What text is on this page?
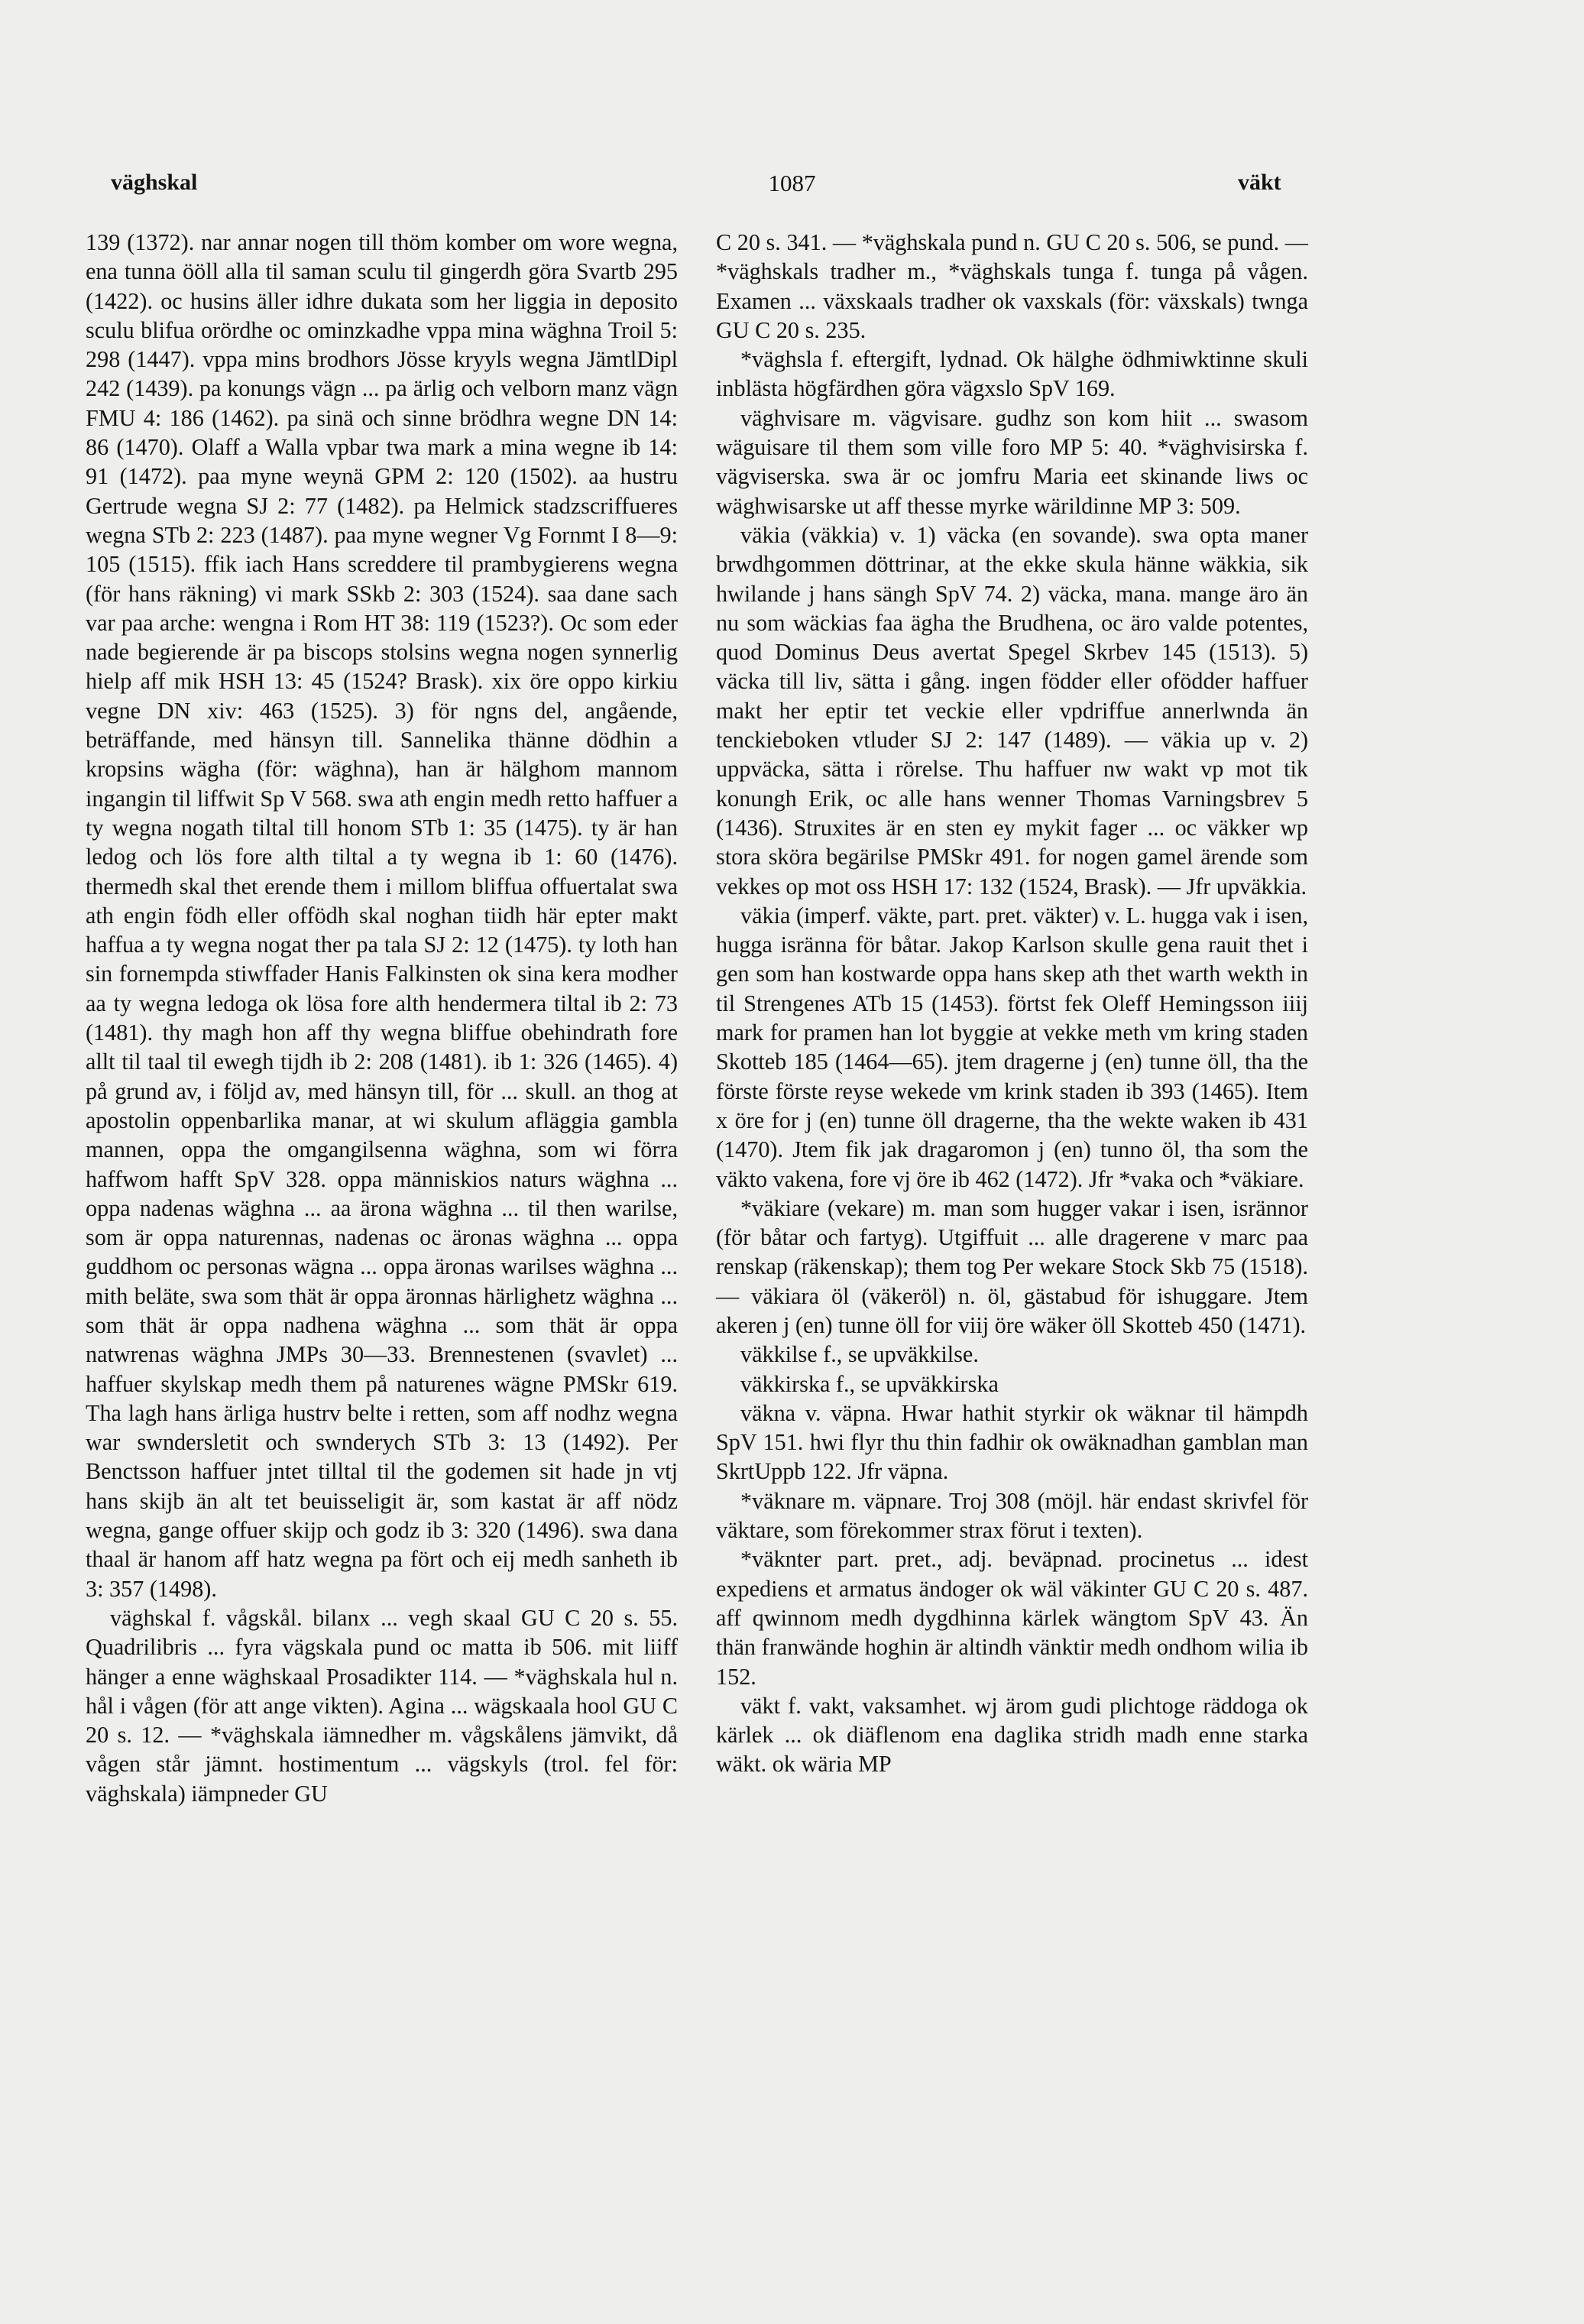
väghskal	1087	väkt

139 (1372). nar annar nogen till thöm komber om wore wegna, ena tunna ööll alla til saman sculu til gingerdh göra Svartb 295 (1422). oc husins äller idhre dukata som her liggia in deposito sculu blifua orördhe oc ominzkadhe vppa mina wäghna Troil 5: 298 (1447). vppa mins brodhors Jösse kryyls wegna JämtlDipl 242 (1439). pa konungs vägn ... pa ärlig och velborn manz vägn FMU 4: 186 (1462). pa sinä och sinne brödhra wegne DN 14: 86 (1470). Olaff a Walla vpbar twa mark a mina wegne ib 14: 91 (1472). paa myne weynä GPM 2: 120 (1502). aa hustru Gertrude wegna SJ 2: 77 (1482). pa Helmick stadzscriffueres wegna STb 2: 223 (1487). paa myne wegner Vg Fornmt I 8—9: 105 (1515). ffik iach Hans screddere til prambygierens wegna (för hans räkning) vi mark SSkb 2: 303 (1524). saa dane sach var paa arche: wengna i Rom HT 38: 119 (1523?). Oc som eder nade begierende är pa biscops stolsins wegna nogen synnerlig hielp aff mik HSH 13: 45 (1524? Brask). xix öre oppo kirkiu vegne DN xiv: 463 (1525). 3) för ngns del, angående, beträffande, med hänsyn till. Sannelika thänne dödhin a kropsins wägha (för: wäghna), han är hälghom mannom ingangin til liffwit Sp V 568. swa ath engin medh retto haffuer a ty wegna nogath tiltal till honom STb 1: 35 (1475). ty är han ledog och lös fore alth tiltal a ty wegna ib 1: 60 (1476). thermedh skal thet erende them i millom bliffua offuertalat swa ath engin födh eller offödh skal noghan tiidh här epter makt haffua a ty wegna nogat ther pa tala SJ 2: 12 (1475). ty loth han sin fornempda stiwffader Hanis Falkinsten ok sina kera modher aa ty wegna ledoga ok lösa fore alth hendermera tiltal ib 2: 73 (1481). thy magh hon aff thy wegna bliffue obehindrath fore allt til taal til ewegh tijdh ib 2: 208 (1481). ib 1: 326 (1465). 4) på grund av, i följd av, med hänsyn till, för ... skull. an thog at apostolin oppenbarlika manar, at wi skulum afläggia gambla mannen, oppa the omgangilsenna wäghna, som wi förra haffwom hafft SpV 328. oppa människios naturs wäghna ... oppa nadenas wäghna ... aa ärona wäghna ... til then warilse, som är oppa naturennas, nadenas oc äronas wäghna ... oppa guddhom oc personas wägna ... oppa äronas warilses wäghna ... mith beläte, swa som thät är oppa äronnas härlighetz wäghna ... som thät är oppa nadhena wäghna ... som thät är oppa natwrenas wäghna JMPs 30—33. Brennestenen (svavlet) ... haffuer skylskap medh them på naturenes wägne PMSkr 619. Tha lagh hans ärliga hustrv belte i retten, som aff nodhz wegna war swndersletit och swnderych STb 3: 13 (1492). Per Benctsson haffuer jntet tilltal til the godemen sit hade jn vtj hans skijb än alt tet beuisseligit är, som kastat är aff nödz wegna, gange offuer skijp och godz ib 3: 320 (1496). swa dana thaal är hanom aff hatz wegna pa fört och eij medh sanheth ib 3: 357 (1498).

väghskal f. vågskål. bilanx ... vegh skaal GU C 20 s. 55. Quadrilibris ... fyra vägskala pund oc matta ib 506. mit liiff hänger a enne wäghskaal Prosadikter 114. — *väghskala hul n. hål i vågen (för att ange vikten). Agina ... wägskaala hool GU C 20 s. 12. — *väghskala iämnedher m. vågskålens jämvikt, då vågen står jämnt. hostimentum ... vägskyls (trol. fel för: väghskala) iämpneder GU

C 20 s. 341. — *väghskala pund n. GU C 20 s. 506, se pund. — *väghskals tradher m., *väghskals tunga f. tunga på vågen. Examen ... växskaals tradher ok vaxskals (för: växskals) twnga GU C 20 s. 235.

*väghsla f. eftergift, lydnad. Ok hälghe ödhmiwktinne skuli inblästa högfärdhen göra vägxslo SpV 169.

väghvisare m. vägvisare. gudhz son kom hiit ... swasom wäguisare til them som ville foro MP 5: 40. *väghvisirska f. vägviserska. swa är oc jomfru Maria eet skinande liws oc wäghwisarske ut aff thesse myrke wärildinne MP 3: 509.

väkia (väkkia) v. 1) väcka (en sovande). swa opta maner brwdhgommen döttrinar, at the ekke skula hänne wäkkia, sik hwilande j hans sängh SpV 74. 2) väcka, mana. mange äro än nu som wäckias faa ägha the Brudhena, oc äro valde potentes, quod Dominus Deus avertat Spegel Skrbev 145 (1513). 5) väcka till liv, sätta i gång. ingen födder eller ofödder haffuer makt her eptir tet veckie eller vpdriffue annerlwnda än tenckieboken vtluder SJ 2: 147 (1489). — väkia up v. 2) uppväcka, sätta i rörelse. Thu haffuer nw wakt vp mot tik konungh Erik, oc alle hans wenner Thomas Varningsbrev 5 (1436). Struxites är en sten ey mykit fager ... oc väkker wp stora sköra begärilse PMSkr 491. for nogen gamel ärende som vekkes op mot oss HSH 17: 132 (1524, Brask). — Jfr upväkkia.

väkia (imperf. väkte, part. pret. väkter) v. L. hugga vak i isen, hugga isränna för båtar. Jakop Karlson skulle gena rauit thet i gen som han kostwarde oppa hans skep ath thet warth wekth in til Strengenes ATb 15 (1453). förtst fek Oleff Hemingsson iiij mark for pramen han lot byggie at vekke meth vm kring staden Skotteb 185 (1464—65). jtem dragerne j (en) tunne öll, tha the förste förste reyse wekede vm krink staden ib 393 (1465). Item x öre for j (en) tunne öll dragerne, tha the wekte waken ib 431 (1470). Jtem fik jak dragaromon j (en) tunno öl, tha som the väkto vakena, fore vj öre ib 462 (1472). Jfr *vaka och *väkiare.

*väkiare (vekare) m. man som hugger vakar i isen, isrännor (för båtar och fartyg). Utgiffuit ... alle dragerene v marc paa renskap (räkenskap); them tog Per wekare Stock Skb 75 (1518). — väkiara öl (väkeröl) n. öl, gästabud för ishuggare. Jtem akeren j (en) tunne öll for viij öre wäker öll Skotteb 450 (1471).

väkkilse f., se upväkkilse.

väkkirska f., se upväkkirska

väkna v. väpna. Hwar hathit styrkir ok wäknar til hämpdh SpV 151. hwi flyr thu thin fadhir ok owäknadhan gamblan man SkrtUppb 122. Jfr väpna.

*väknare m. väpnare. Troj 308 (möjl. här endast skrivfel för väktare, som förekommer strax förut i texten).

*väknter part. pret., adj. beväpnad. procinetus ... idest expediens et armatus ändoger ok wäl väkinter GU C 20 s. 487. aff qwinnom medh dygdhinna kärlek wängtom SpV 43. Än thän franwände hoghin är altindh vänktir medh ondhom wilia ib 152.

väkt f. vakt, vaksamhet. wj ärom gudi plichtoge räddoga ok kärlek ... ok diäflenom ena daglika stridh madh enne starka wäkt. ok wäria MP
